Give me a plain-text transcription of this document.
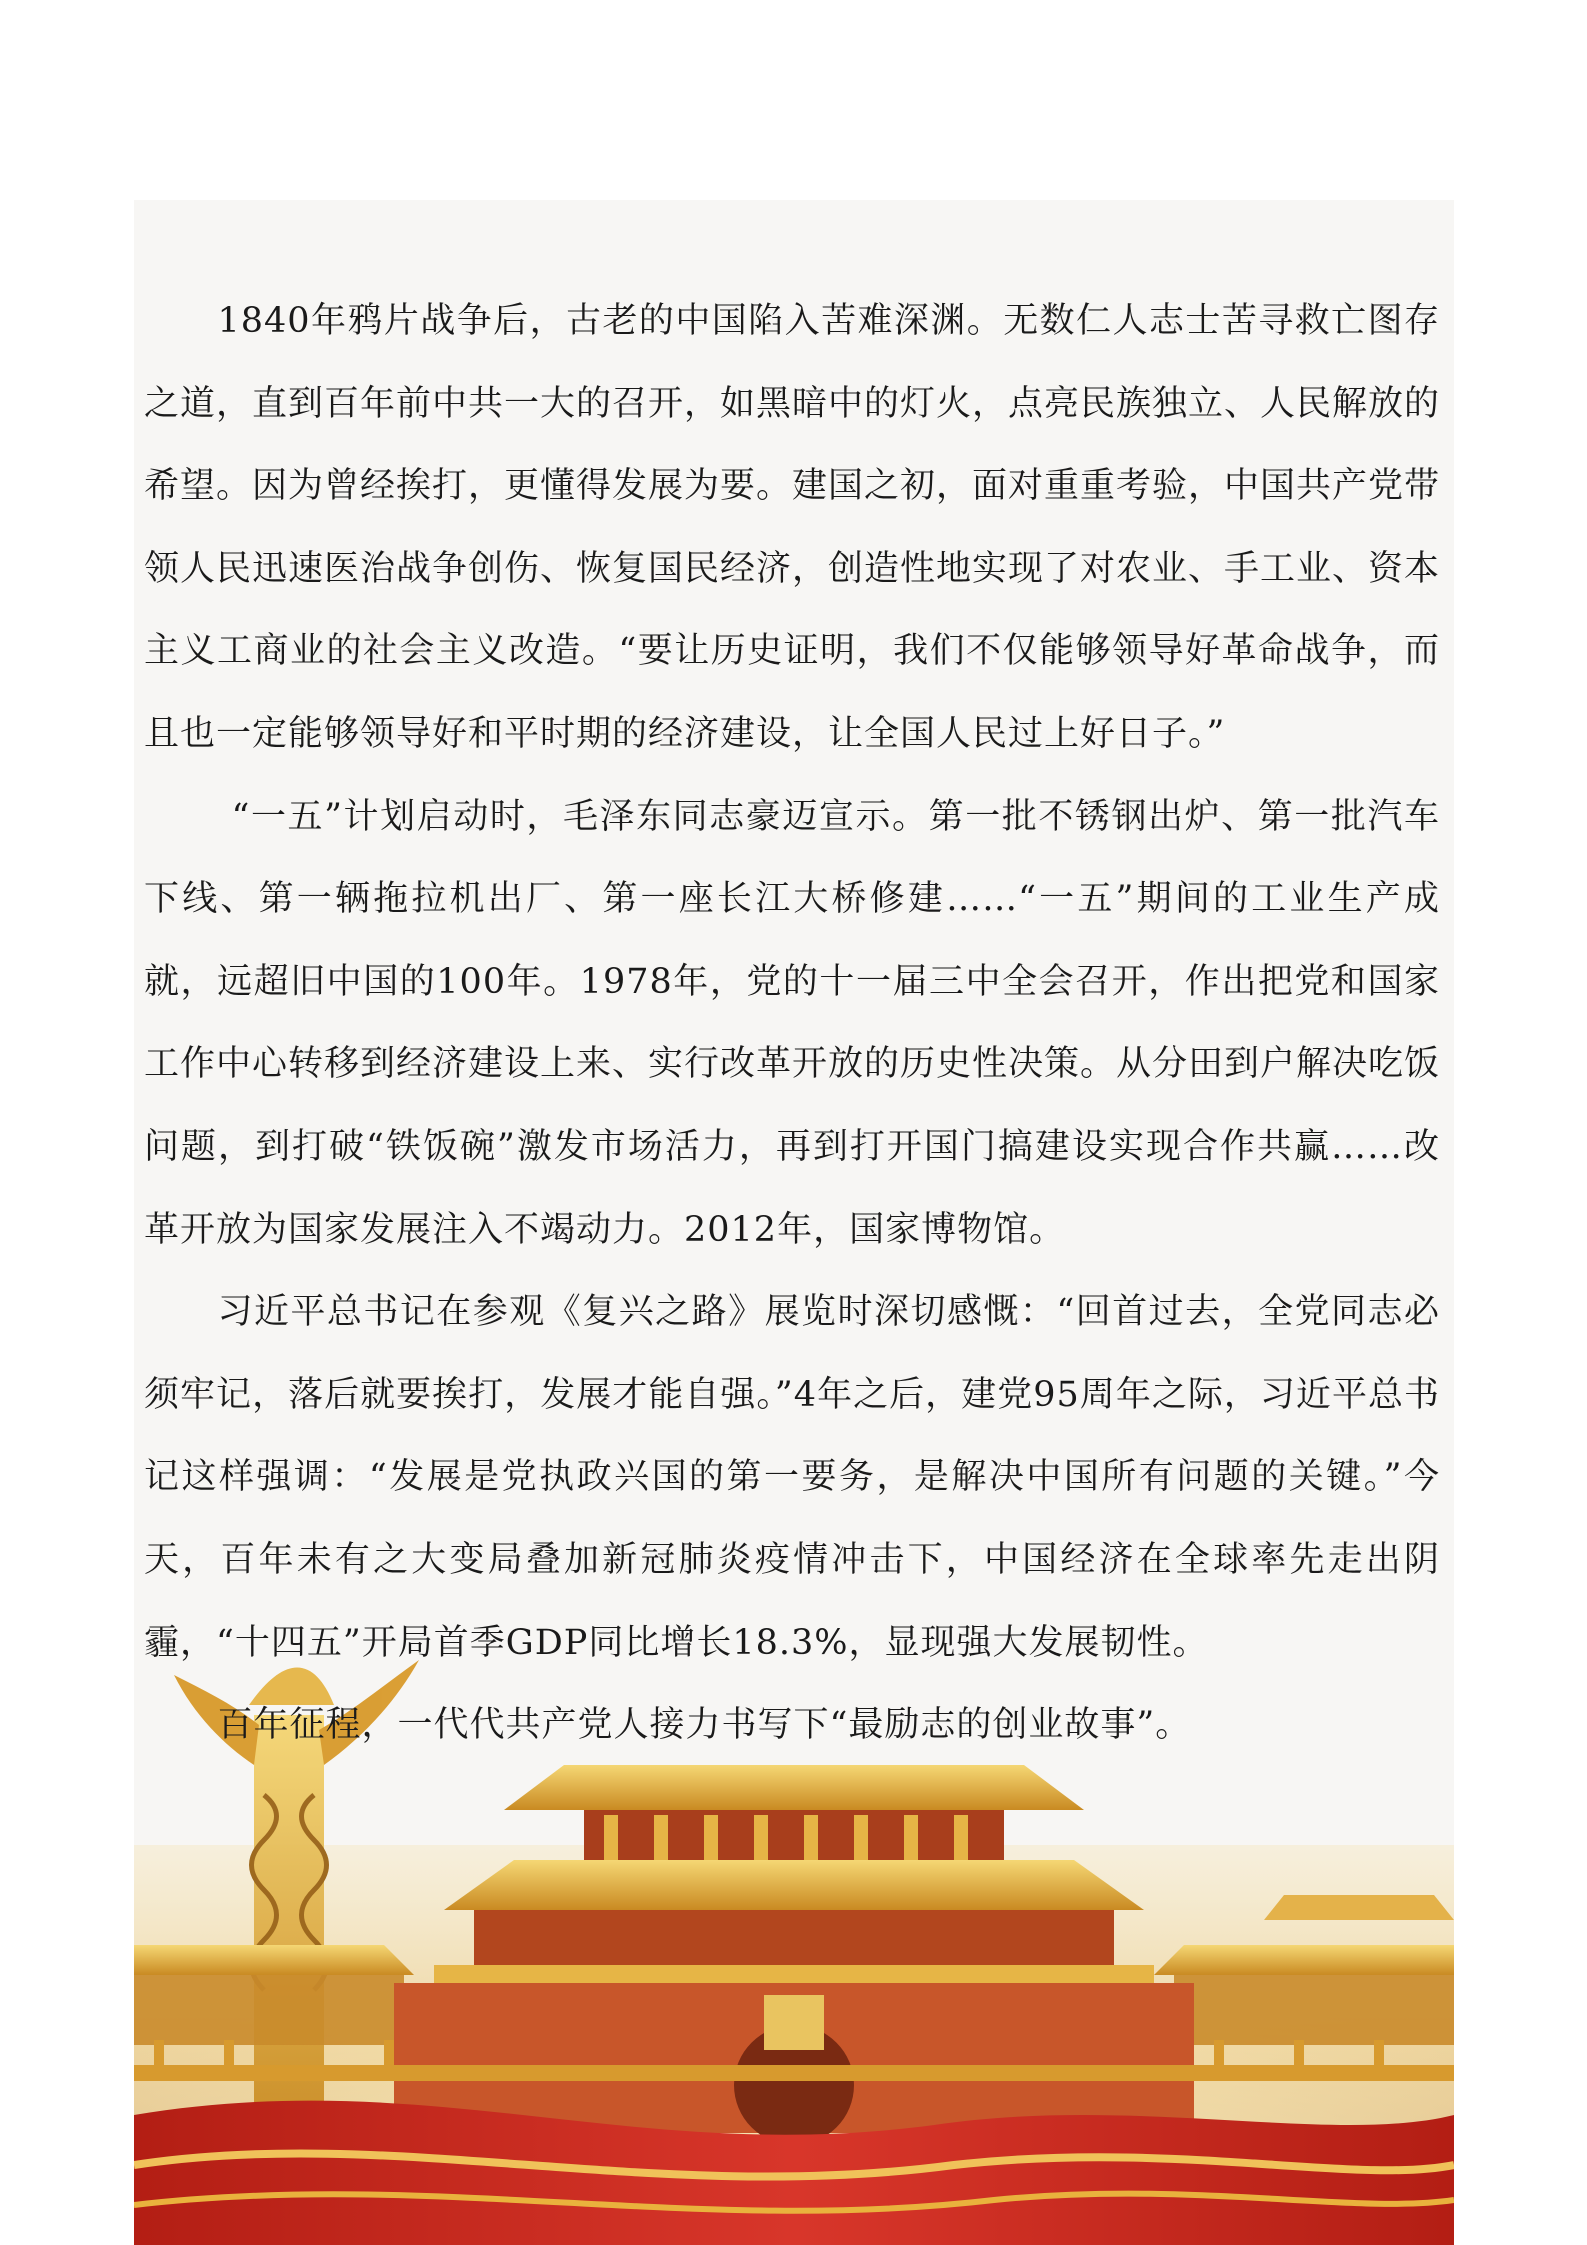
1840年鸦片战争后，古老的中国陷入苦难深渊。无数仁人志士苦寻救亡图存之道，直到百年前中共一大的召开，如黑暗中的灯火，点亮民族独立、人民解放的希望。因为曾经挨打，更懂得发展为要。建国之初，面对重重考验，中国共产党带领人民迅速医治战争创伤、恢复国民经济，创造性地实现了对农业、手工业、资本主义工商业的社会主义改造。“要让历史证明，我们不仅能够领导好革命战争，而且也一定能够领导好和平时期的经济建设，让全国人民过上好日子。”

“一五”计划启动时，毛泽东同志豪迈宣示。第一批不锈钢出炉、第一批汽车下线、第一辆拖拉机出厂、第一座长江大桥修建……“一五”期间的工业生产成就，远超旧中国的100年。1978年，党的十一届三中全会召开，作出把党和国家工作中心转移到经济建设上来、实行改革开放的历史性决策。从分田到户解决吃饭问题，到打破“铁饭碗”激发市场活力，再到打开国门搞建设实现合作共赢……改革开放为国家发展注入不竭动力。2012年，国家博物馆。

习近平总书记在参观《复兴之路》展览时深切感慨：“回首过去，全党同志必须牢记，落后就要挨打，发展才能自强。”4年之后，建党95周年之际，习近平总书记这样强调：“发展是党执政兴国的第一要务，是解决中国所有问题的关键。”今天，百年未有之大变局叠加新冠肺炎疫情冲击下，中国经济在全球率先走出阴霾，“十四五”开局首季GDP同比增长18.3%，显现强大发展韧性。

百年征程，一代代共产党人接力书写下“最励志的创业故事”。
